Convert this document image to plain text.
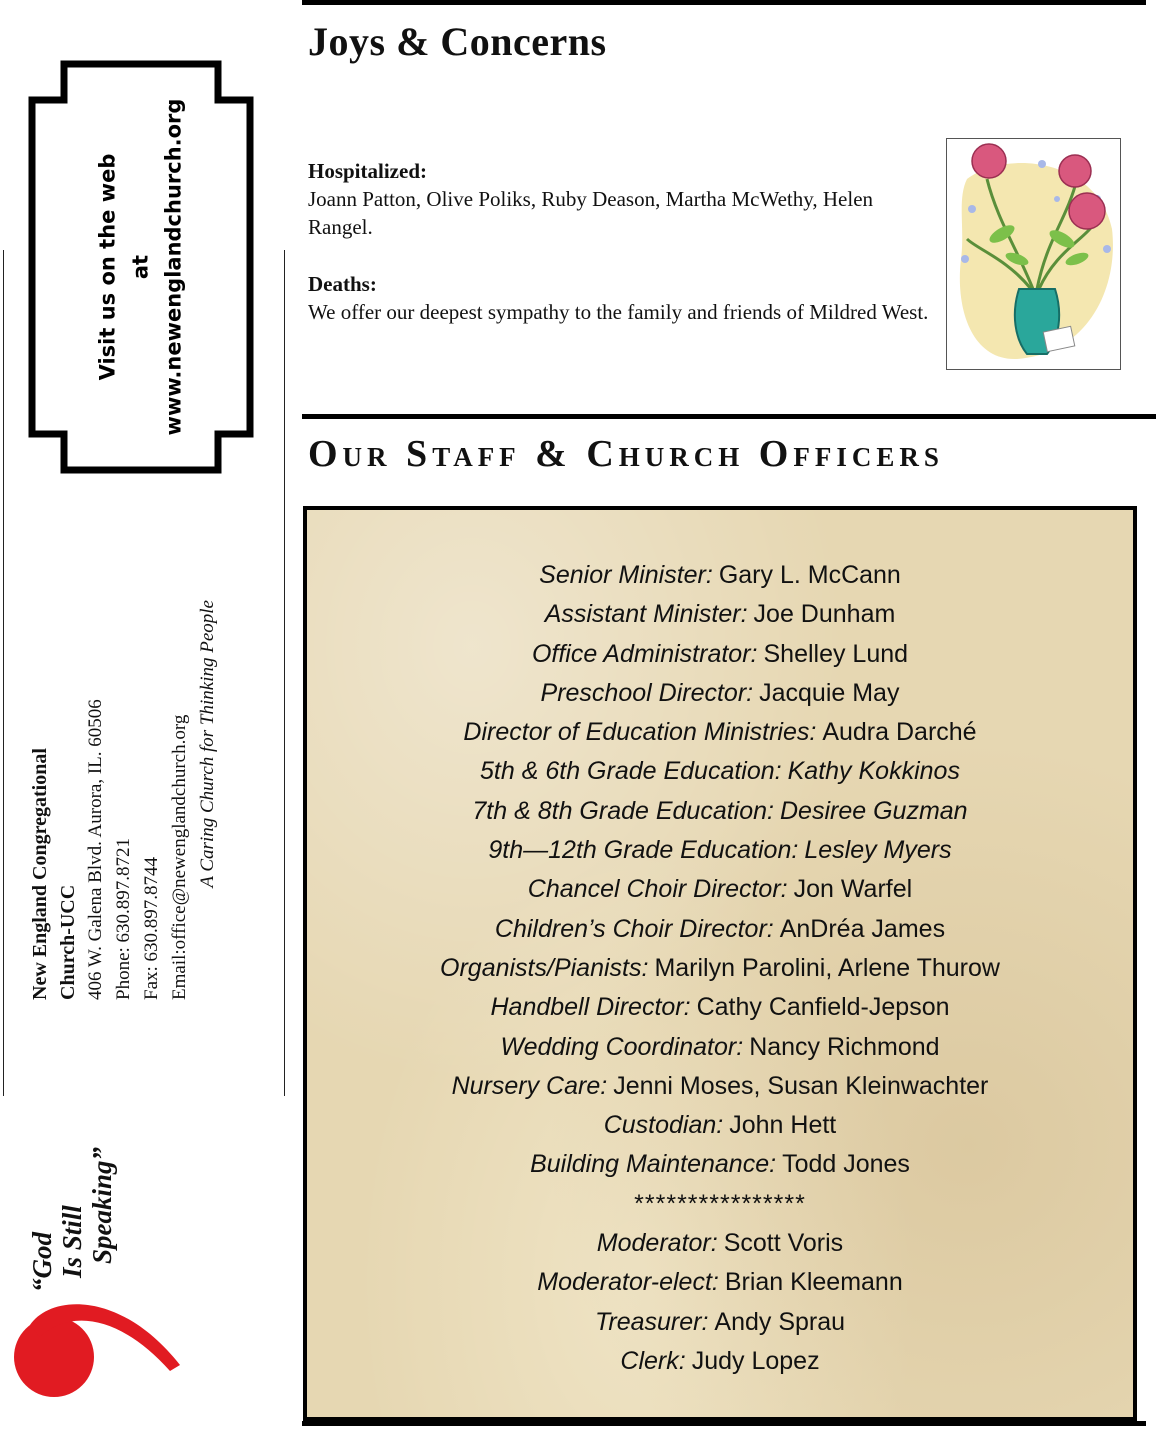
Visit us on the web at www.newenglandchurch.org
New England Congregational Church-UCC 406 W. Galena Blvd. Aurora, IL. 60506 Phone: 630.897.8721 Fax: 630.897.8744 Email:office@newenglandchurch.org A Caring Church for Thinking People
“God Is Still Speaking”
Joys & Concerns
Hospitalized:
Joann Patton, Olive Poliks, Ruby Deason, Martha McWethy, Helen Rangel.
Deaths:
We offer our deepest sympathy to the family and friends of Mildred West.
Our Staff & Church Officers
Senior Minister: Gary L. McCann
Assistant Minister: Joe Dunham
Office Administrator: Shelley Lund
Preschool Director: Jacquie May
Director of Education Ministries: Audra Darché
5th & 6th Grade Education: Kathy Kokkinos
7th & 8th Grade Education: Desiree Guzman
9th—12th Grade Education: Lesley Myers
Chancel Choir Director: Jon Warfel
Children’s Choir Director: AnDréa James
Organists/Pianists: Marilyn Parolini, Arlene Thurow
Handbell Director: Cathy Canfield-Jepson
Wedding Coordinator: Nancy Richmond
Nursery Care: Jenni Moses, Susan Kleinwachter
Custodian: John Hett
Building Maintenance: Todd Jones
****************
Moderator: Scott Voris
Moderator-elect: Brian Kleemann
Treasurer: Andy Sprau
Clerk: Judy Lopez
